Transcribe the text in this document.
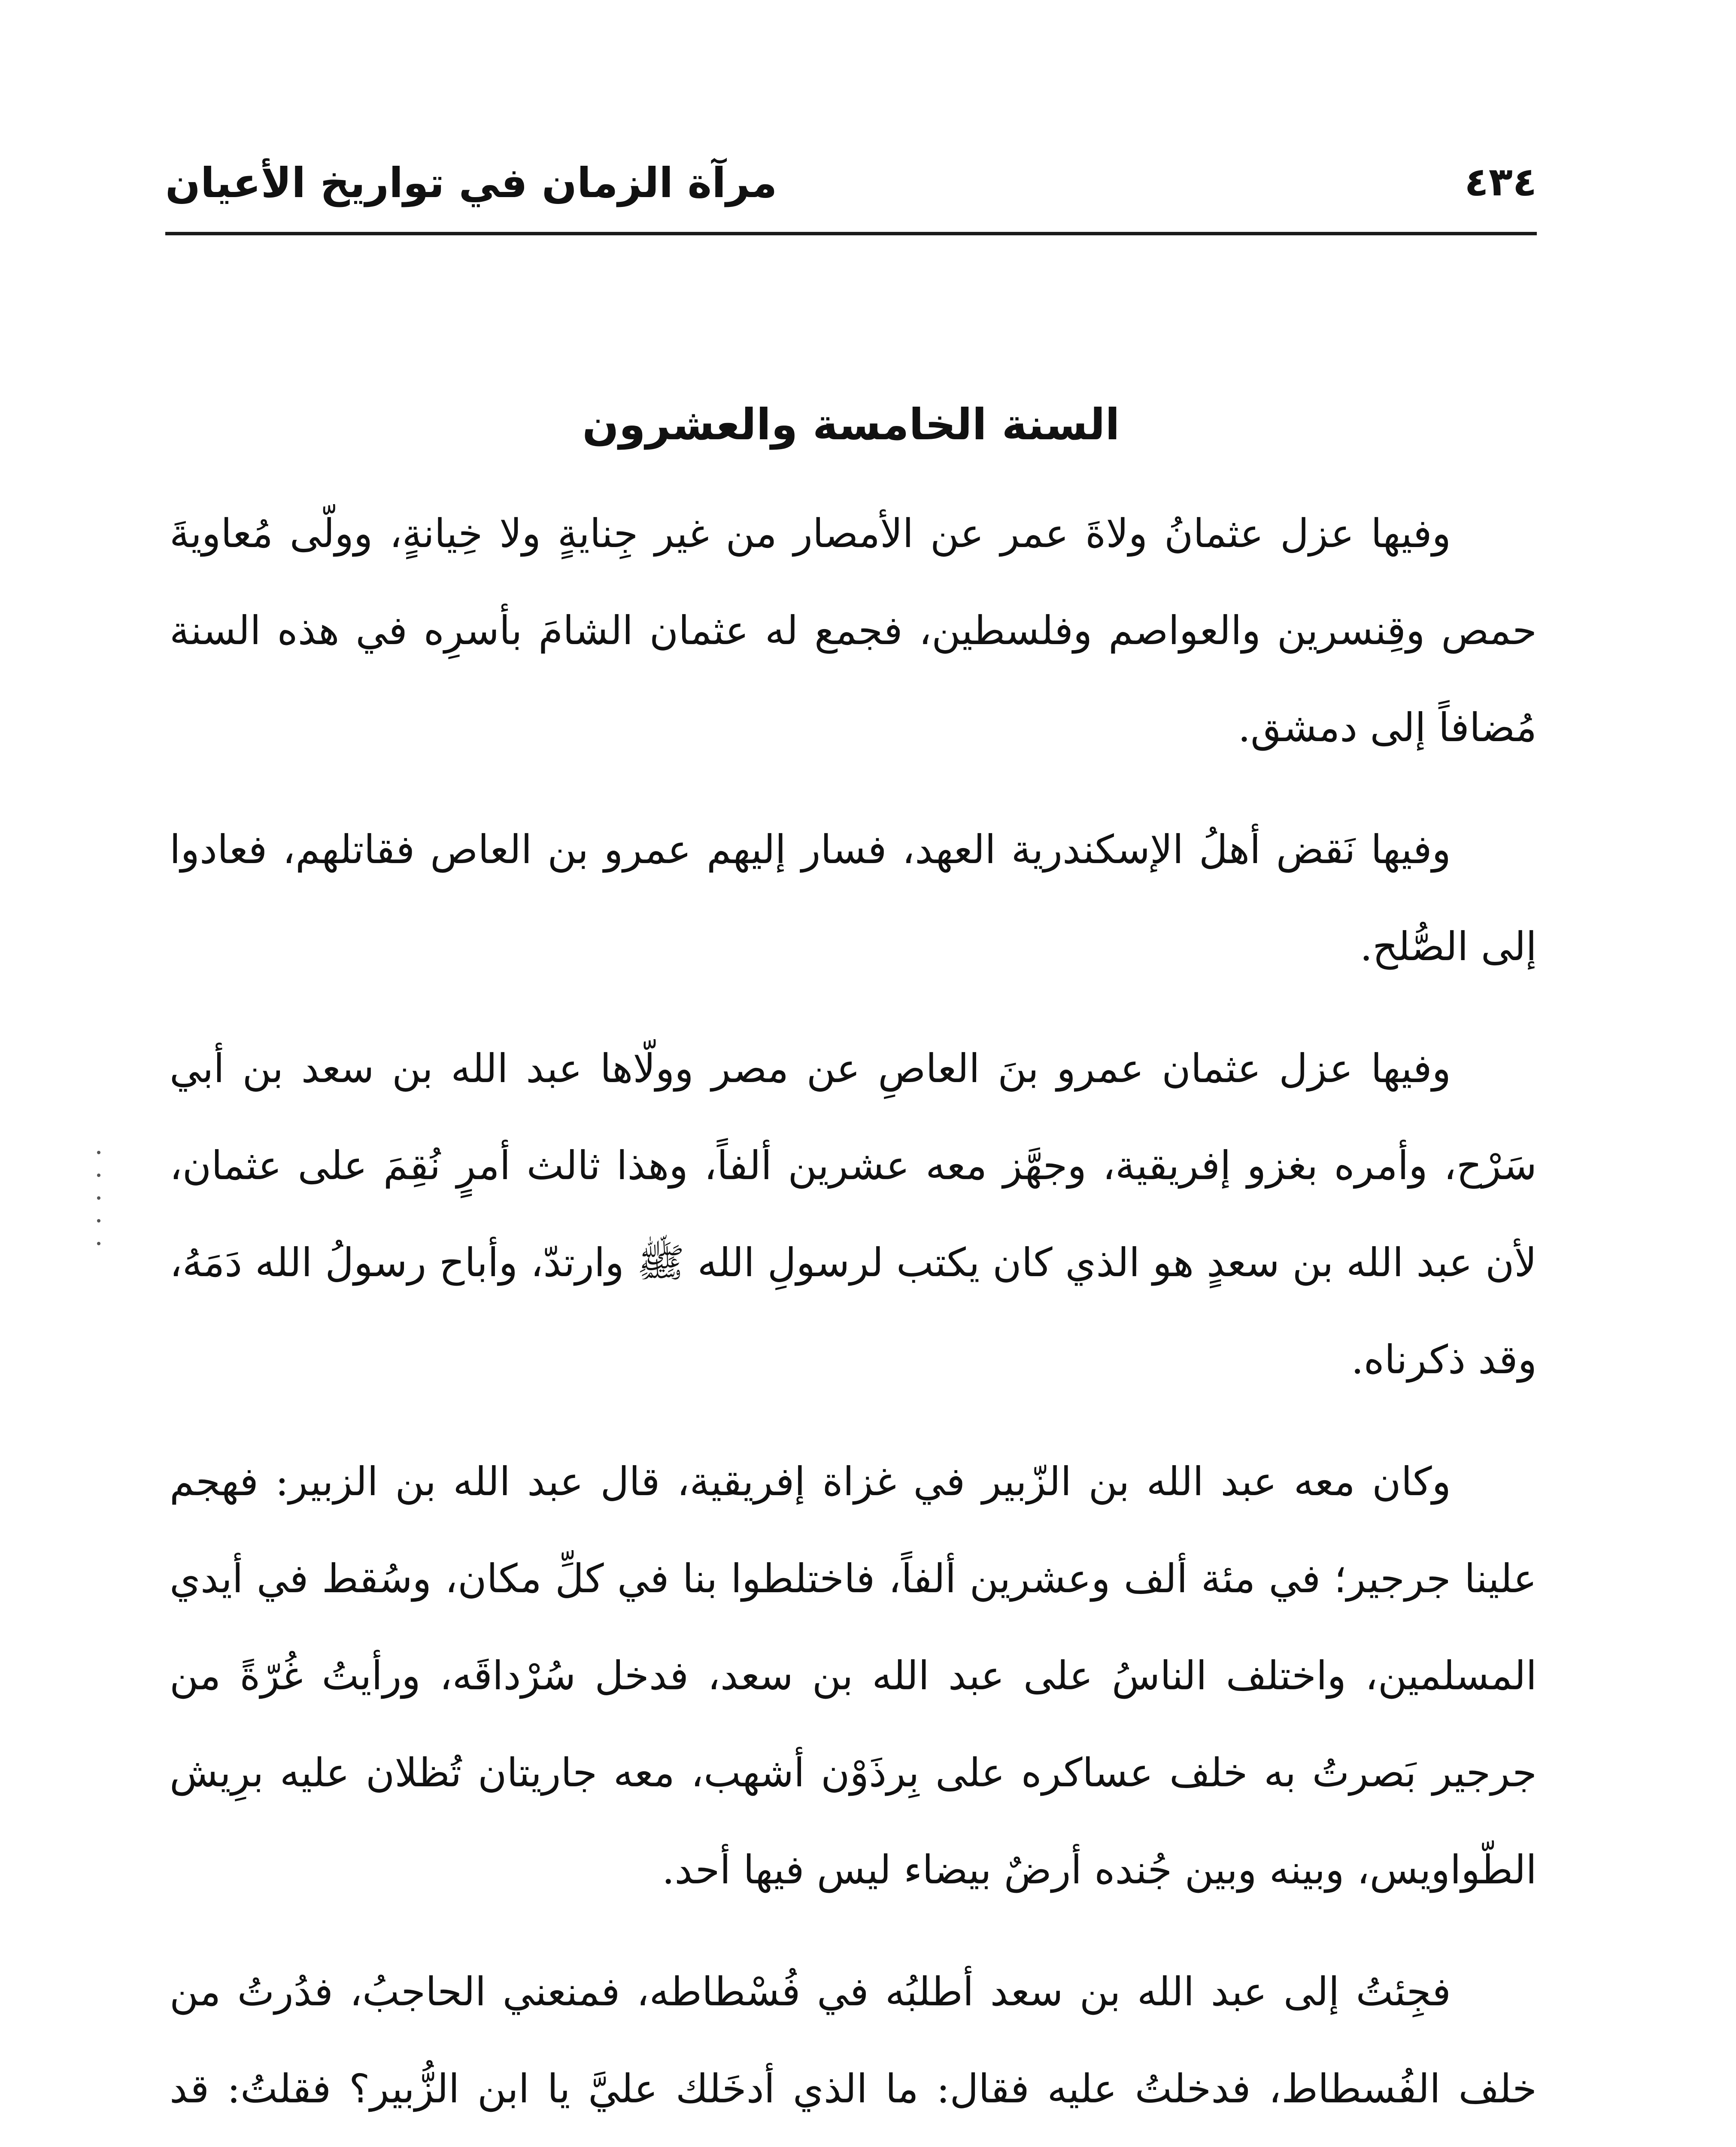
٤٣٤
مرآة الزمان في تواريخ الأعيان
السنة الخامسة والعشرون

وفيها عزل عثمانُ ولاةَ عمر عن الأمصار من غير جِنايةٍ ولا خِيانةٍ، وولّى مُعاويةَ حمص وقِنسرين والعواصم وفلسطين، فجمع له عثمان الشامَ بأسرِه في هذه السنة مُضافاً إلى دمشق.

وفيها نَقض أهلُ الإسكندرية العهد، فسار إليهم عمرو بن العاص فقاتلهم، فعادوا إلى الصُّلح.

وفيها عزل عثمان عمرو بنَ العاصِ عن مصر وولّاها عبد الله بن سعد بن أبي سَرْح، وأمره بغزو إفريقية، وجهَّز معه عشرين ألفاً، وهذا ثالث أمرٍ نُقِمَ على عثمان، لأن عبد الله بن سعدٍ هو الذي كان يكتب لرسولِ الله ﷺ وارتدّ، وأباح رسولُ الله دَمَهُ، وقد ذكرناه.

وكان معه عبد الله بن الزّبير في غزاة إفريقية، قال عبد الله بن الزبير: فهجم علينا جرجير؛ في مئة ألف وعشرين ألفاً، فاختلطوا بنا في كلِّ مكان، وسُقط في أيدي المسلمين، واختلف الناسُ على عبد الله بن سعد، فدخل سُرْداقَه، ورأيتُ غُرّةً من جرجير بَصرتُ به خلف عساكره على بِرذَوْن أشهب، معه جاريتان تُظلان عليه برِيش الطّواويس، وبينه وبين جُنده أرضٌ بيضاء ليس فيها أحد.

فجِئتُ إلى عبد الله بن سعد أطلبُه في فُسْطاطه، فمنعني الحاجبُ، فدُرتُ من خلف الفُسطاط، فدخلتُ عليه فقال: ما الذي أدخَلك عليَّ يا ابن الزُّبير؟ فقلتُ: قد
